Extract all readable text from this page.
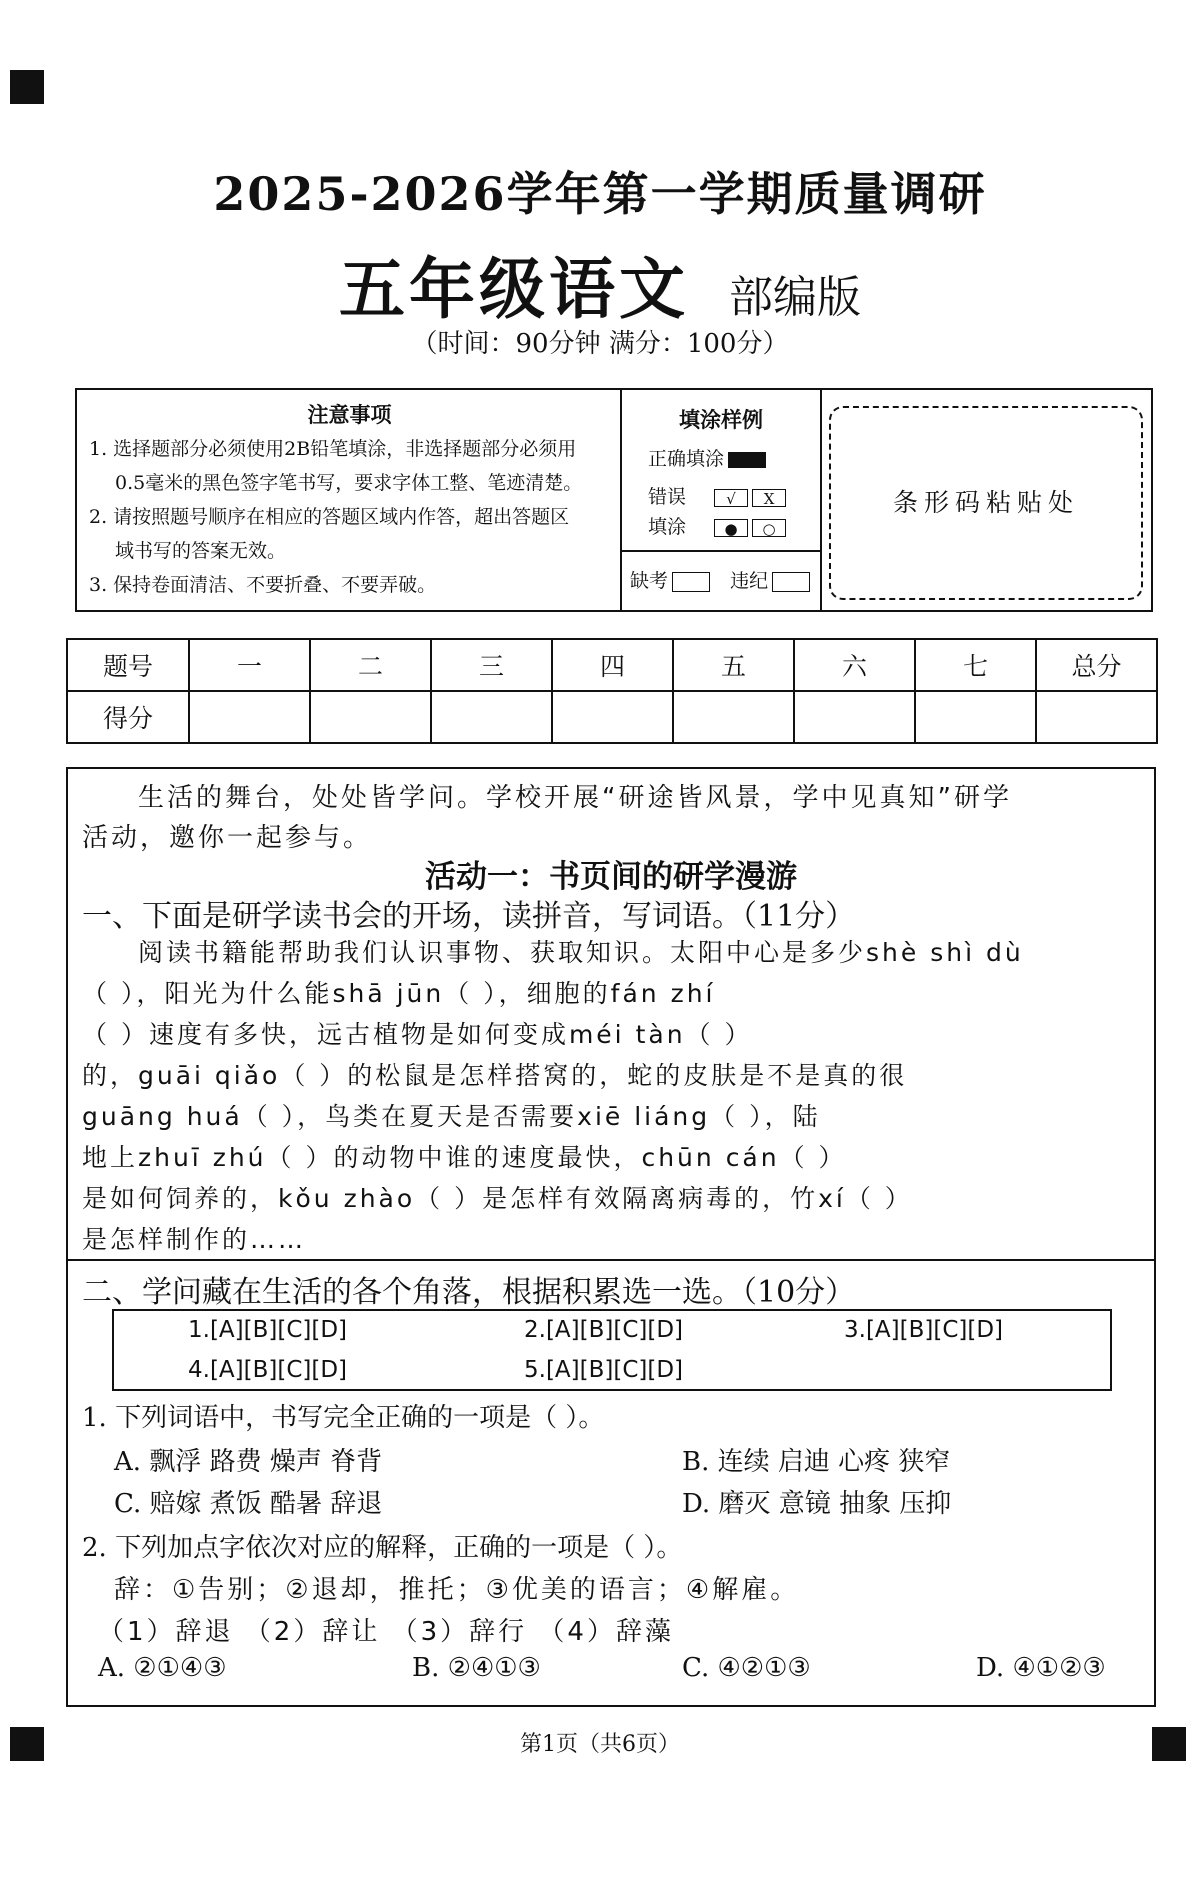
2025-2026学年第一学期质量调研
五年级语文 部编版
（时间：90分钟 满分：100分）
注意事项
1. 选择题部分必须使用2B铅笔填涂，非选择题部分必须用
0.5毫米的黑色签字笔书写，要求字体工整、笔迹清楚。
2. 请按照题号顺序在相应的答题区域内作答，超出答题区
域书写的答案无效。
3. 保持卷面清洁、不要折叠、不要弄破。
填涂样例
正确填涂
错误	√ X
填涂	● ○
缺考	违纪
条形码粘贴处
题号	一	二	三	四	五	六	七	总分
得分								
生活的舞台，处处皆学问。学校开展“研途皆风景，学中见真知”研学
活动，邀你一起参与。
活动一：书页间的研学漫游
一、下面是研学读书会的开场，读拼音，写词语。（11分）
阅读书籍能帮助我们认识事物、获取知识。太阳中心是多少shè shì dù
（ ），阳光为什么能shā jūn（ ），细胞的fán zhí
（ ）速度有多快，远古植物是如何变成méi tàn（ ）
的，guāi qiǎo（ ）的松鼠是怎样搭窝的，蛇的皮肤是不是真的很
guāng huá（ ），鸟类在夏天是否需要xiē liáng（ ），陆
地上zhuī zhú（ ）的动物中谁的速度最快，chūn cán（ ）
是如何饲养的，kǒu zhào（ ）是怎样有效隔离病毒的，竹xí（ ）
是怎样制作的……
二、学问藏在生活的各个角落，根据积累选一选。（10分）
1.[A][B][C][D]	2.[A][B][C][D]	3.[A][B][C][D]
4.[A][B][C][D]	5.[A][B][C][D]
1. 下列词语中，书写完全正确的一项是（ ）。
A. 飘浮 路费 燥声 脊背	B. 连续 启迪 心疼 狭窄
C. 赔嫁 煮饭 酷暑 辞退	D. 磨灭 意镜 抽象 压抑
2. 下列加点字依次对应的解释，正确的一项是（ ）。
辞：①告别；②退却，推托；③优美的语言；④解雇。
（1）辞退 （2）辞让 （3）辞行 （4）辞藻
A. ②①④③	B. ②④①③	C. ④②①③	D. ④①②③
第1页（共6页）
